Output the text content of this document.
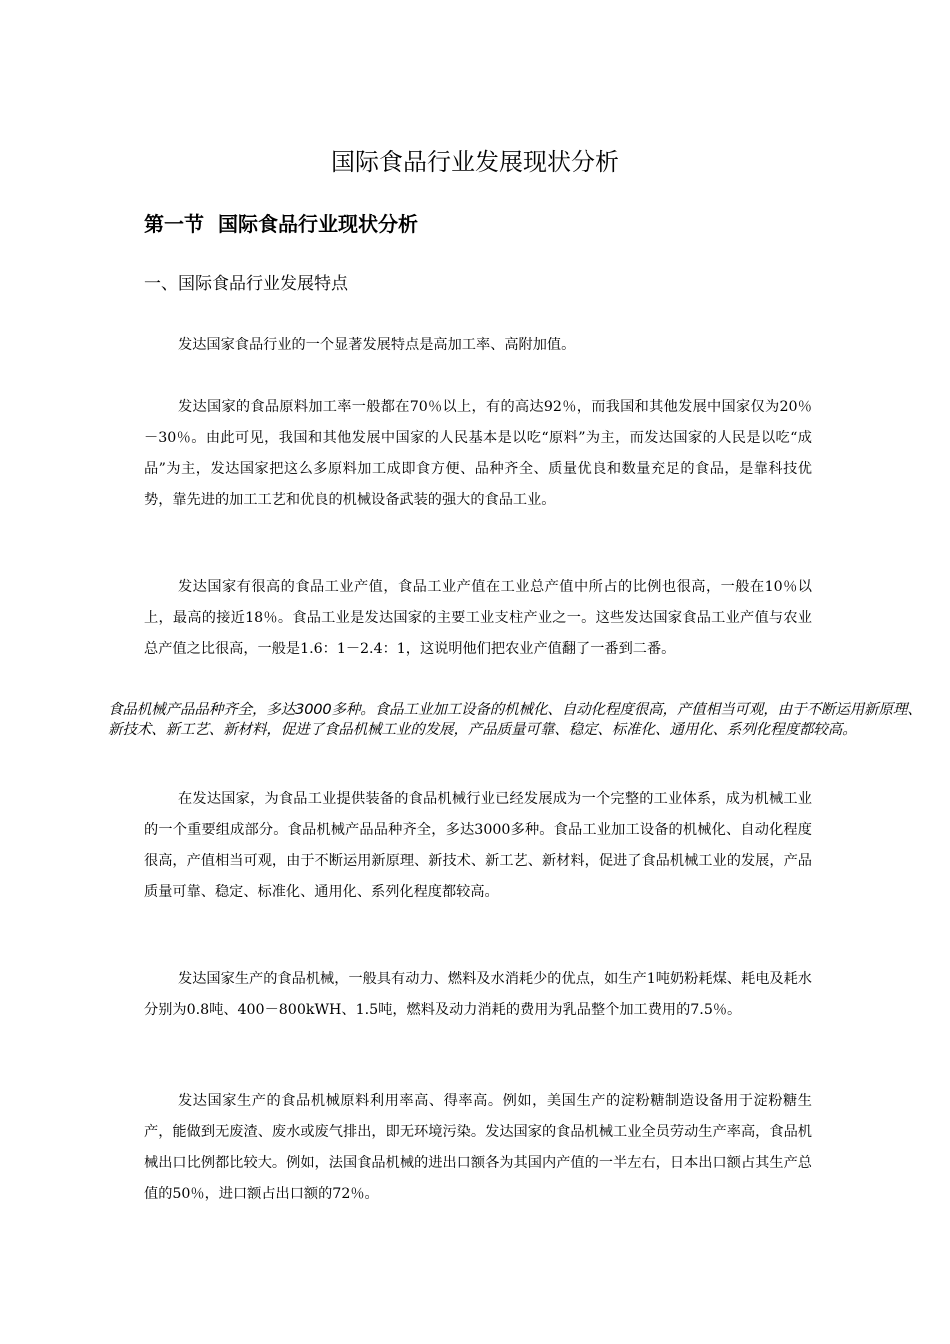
国际食品行业发展现状分析
第一节 国际食品行业现状分析
一、国际食品行业发展特点

发达国家食品行业的一个显著发展特点是高加工率、高附加值。

发达国家的食品原料加工率一般都在70％以上，有的高达92％，而我国和其他发展中国家仅为20％－30％。由此可见，我国和其他发展中国家的人民基本是以吃“原料”为主，而发达国家的人民是以吃“成品”为主，发达国家把这么多原料加工成即食方便、品种齐全、质量优良和数量充足的食品，是靠科技优势，靠先进的加工工艺和优良的机械设备武装的强大的食品工业。

发达国家有很高的食品工业产值，食品工业产值在工业总产值中所占的比例也很高，一般在10％以上，最高的接近18％。食品工业是发达国家的主要工业支柱产业之一。这些发达国家食品工业产值与农业总产值之比很高，一般是1.6：1－2.4：1，这说明他们把农业产值翻了一番到二番。

食品机械产品品种齐全，多达3000多种。食品工业加工设备的机械化、自动化程度很高，产值相当可观，由于不断运用新原理、新技术、新工艺、新材料，促进了食品机械工业的发展，产品质量可靠、稳定、标准化、通用化、系列化程度都较高。

在发达国家，为食品工业提供装备的食品机械行业已经发展成为一个完整的工业体系，成为机械工业的一个重要组成部分。食品机械产品品种齐全，多达3000多种。食品工业加工设备的机械化、自动化程度很高，产值相当可观，由于不断运用新原理、新技术、新工艺、新材料，促进了食品机械工业的发展，产品质量可靠、稳定、标准化、通用化、系列化程度都较高。

发达国家生产的食品机械，一般具有动力、燃料及水消耗少的优点，如生产1吨奶粉耗煤、耗电及耗水分别为0.8吨、400－800kWH、1.5吨，燃料及动力消耗的费用为乳品整个加工费用的7.5％。

发达国家生产的食品机械原料利用率高、得率高。例如，美国生产的淀粉糖制造设备用于淀粉糖生产，能做到无废渣、废水或废气排出，即无环境污染。发达国家的食品机械工业全员劳动生产率高，食品机械出口比例都比较大。例如，法国食品机械的进出口额各为其国内产值的一半左右，日本出口额占其生产总值的50％，进口额占出口额的72％。
